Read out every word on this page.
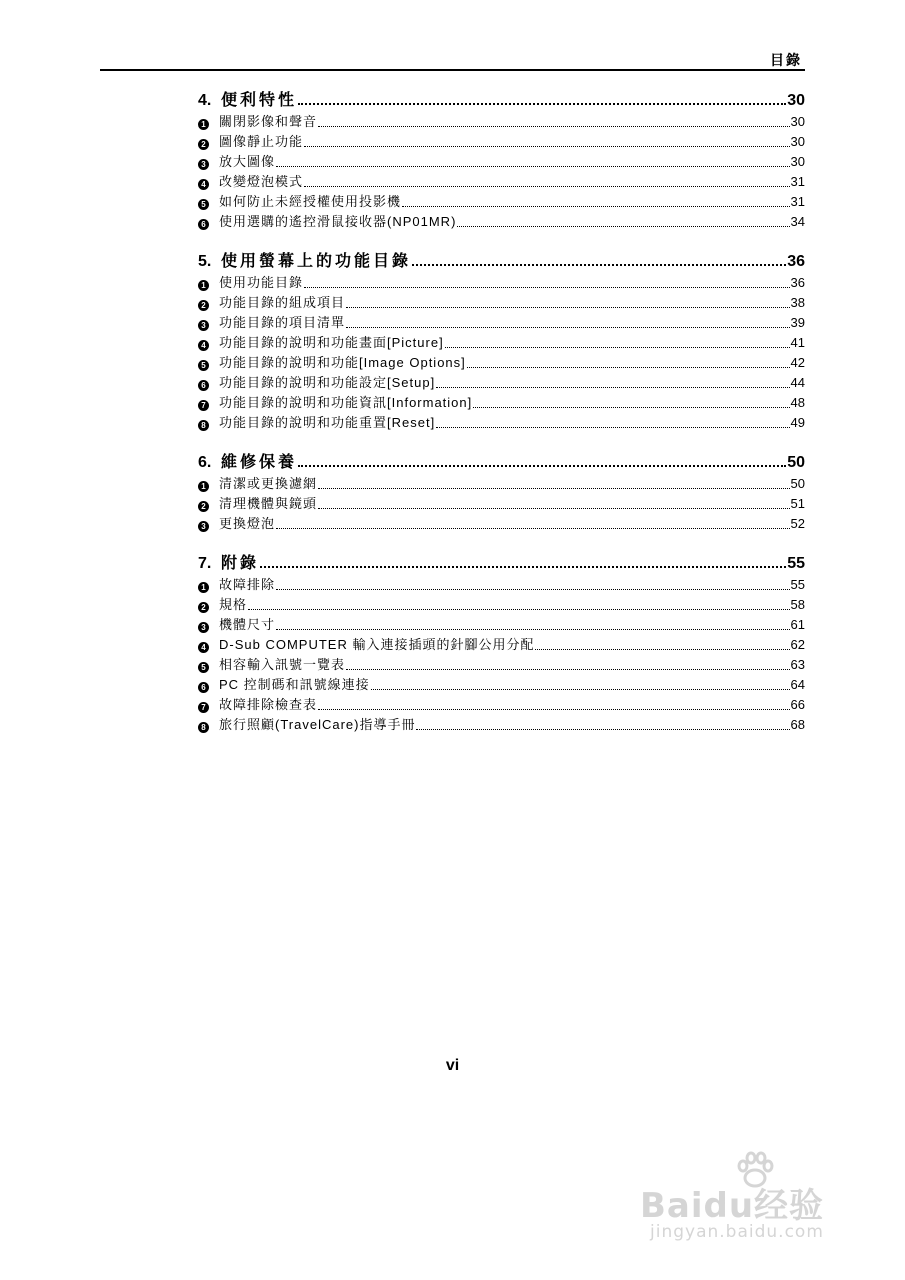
目錄
4. 便利特性	30
1 關閉影像和聲音	30
2 圖像靜止功能	30
3 放大圖像	30
4 改變燈泡模式	31
5 如何防止未經授權使用投影機	31
6 使用選購的遙控滑鼠接收器(NP01MR)	34
5. 使用螢幕上的功能目錄	36
1 使用功能目錄	36
2 功能目錄的組成項目	38
3 功能目錄的項目清單	39
4 功能目錄的說明和功能畫面[Picture]	41
5 功能目錄的說明和功能[Image Options]	42
6 功能目錄的說明和功能設定[Setup]	44
7 功能目錄的說明和功能資訊[Information]	48
8 功能目錄的說明和功能重置[Reset]	49
6. 維修保養	50
1 清潔或更換濾網	50
2 清理機體與鏡頭	51
3 更換燈泡	52
7. 附錄	55
1 故障排除	55
2 規格	58
3 機體尺寸	61
4 D-Sub COMPUTER 輸入連接插頭的針腳公用分配	62
5 相容輸入訊號一覽表	63
6 PC 控制碼和訊號線連接	64
7 故障排除檢查表	66
8 旅行照顧(TravelCare)指導手冊	68
vi
Baidu经验
jingyan.baidu.com
